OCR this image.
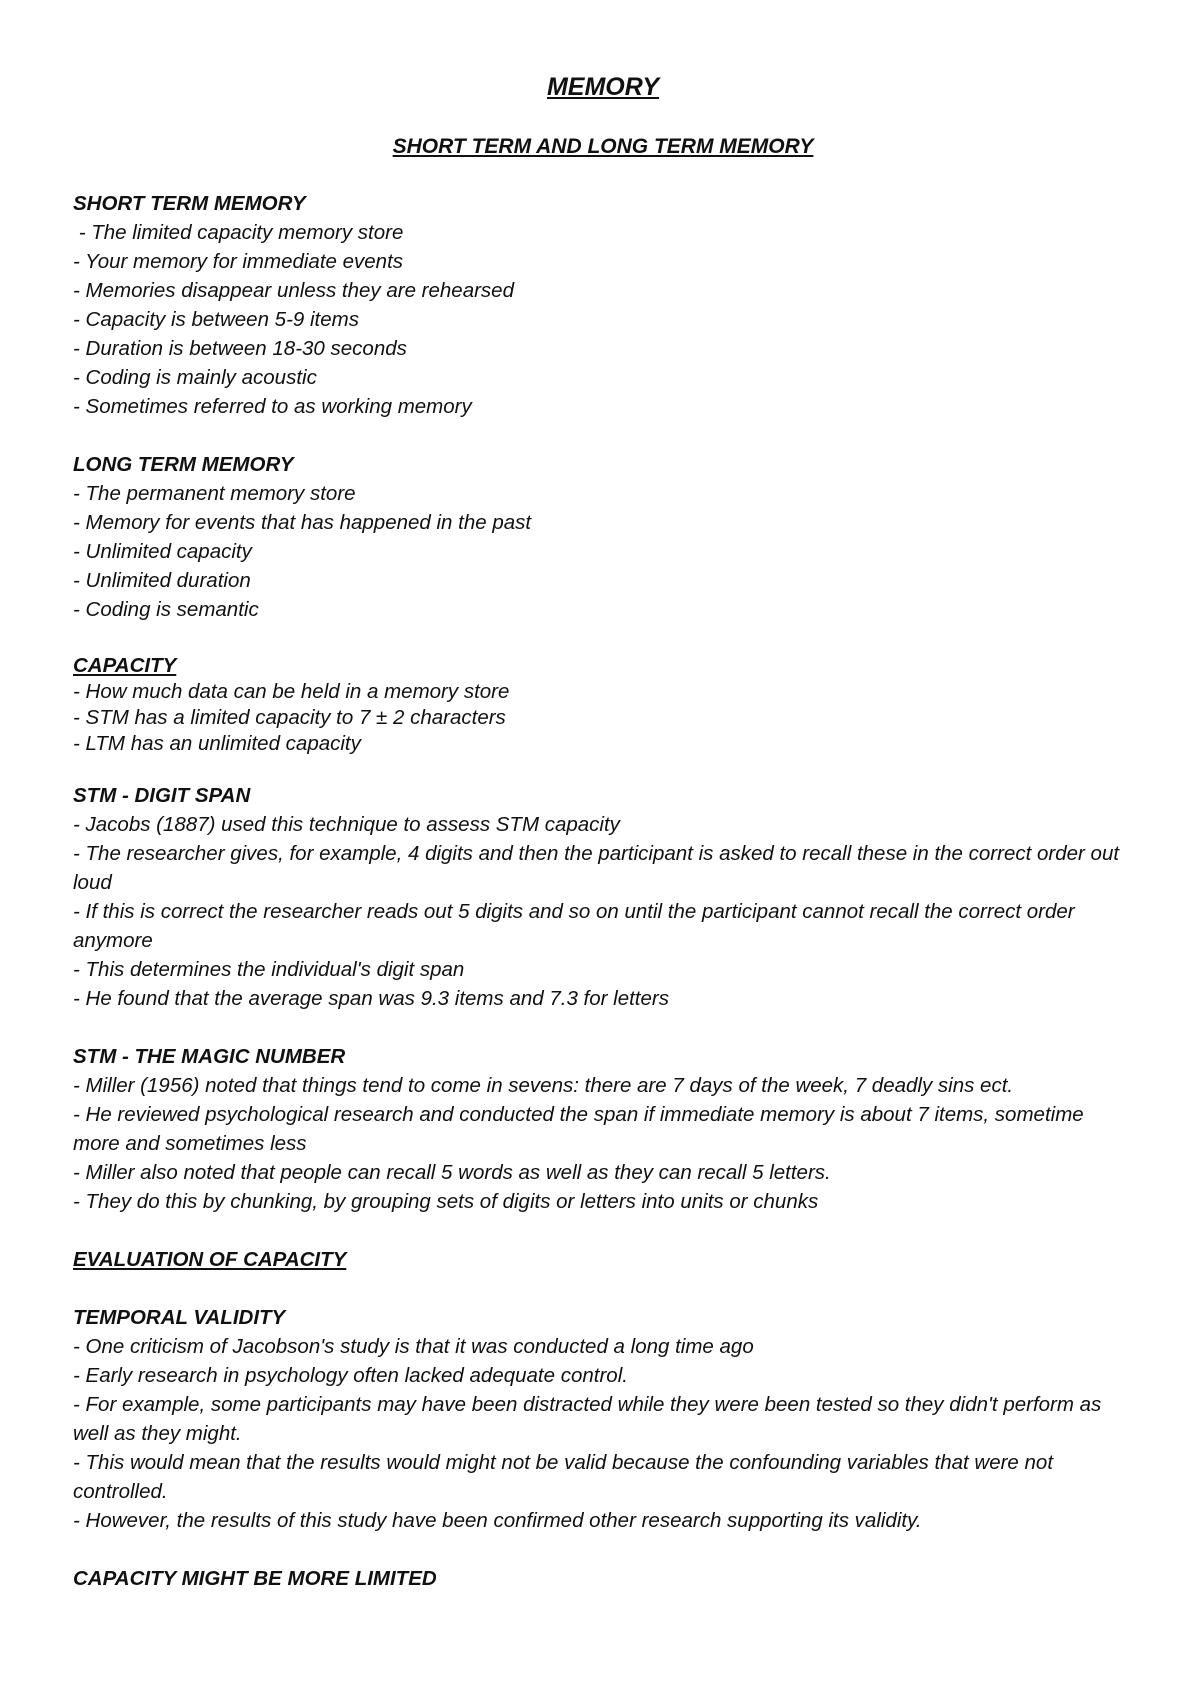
MEMORY
SHORT TERM AND LONG TERM MEMORY
SHORT TERM MEMORY
- The limited capacity memory store
- Your memory for immediate events
- Memories disappear unless they are rehearsed
- Capacity is between 5-9 items
- Duration is between 18-30 seconds
- Coding is mainly acoustic
- Sometimes referred to as working memory
LONG TERM MEMORY
- The permanent memory store
- Memory for events that has happened in the past
- Unlimited capacity
- Unlimited duration
- Coding is semantic
CAPACITY
- How much data can be held in a memory store
- STM has a limited capacity to 7 ± 2 characters
- LTM has an unlimited capacity
STM - DIGIT SPAN
- Jacobs (1887) used this technique to assess STM capacity
- The researcher gives, for example, 4 digits and then the participant is asked to recall these in the correct order out loud
- If this is correct the researcher reads out 5 digits and so on until the participant cannot recall the correct order anymore
- This determines the individual's digit span
- He found that the average span was 9.3 items and 7.3 for letters
STM - THE MAGIC NUMBER
- Miller (1956) noted that things tend to come in sevens: there are 7 days of the week, 7 deadly sins ect.
- He reviewed psychological research and conducted the span if immediate memory is about 7 items, sometime more and sometimes less
- Miller also noted that people can recall 5 words as well as they can recall 5 letters.
- They do this by chunking, by grouping sets of digits or letters into units or chunks
EVALUATION OF CAPACITY
TEMPORAL VALIDITY
- One criticism of Jacobson's study is that it was conducted a long time ago
- Early research in psychology often lacked adequate control.
- For example, some participants may have been distracted while they were been tested so they didn't perform as well as they might.
- This would mean that the results would might not be valid because the confounding variables that were not controlled.
- However, the results of this study have been confirmed other research supporting its validity.
CAPACITY MIGHT BE MORE LIMITED
